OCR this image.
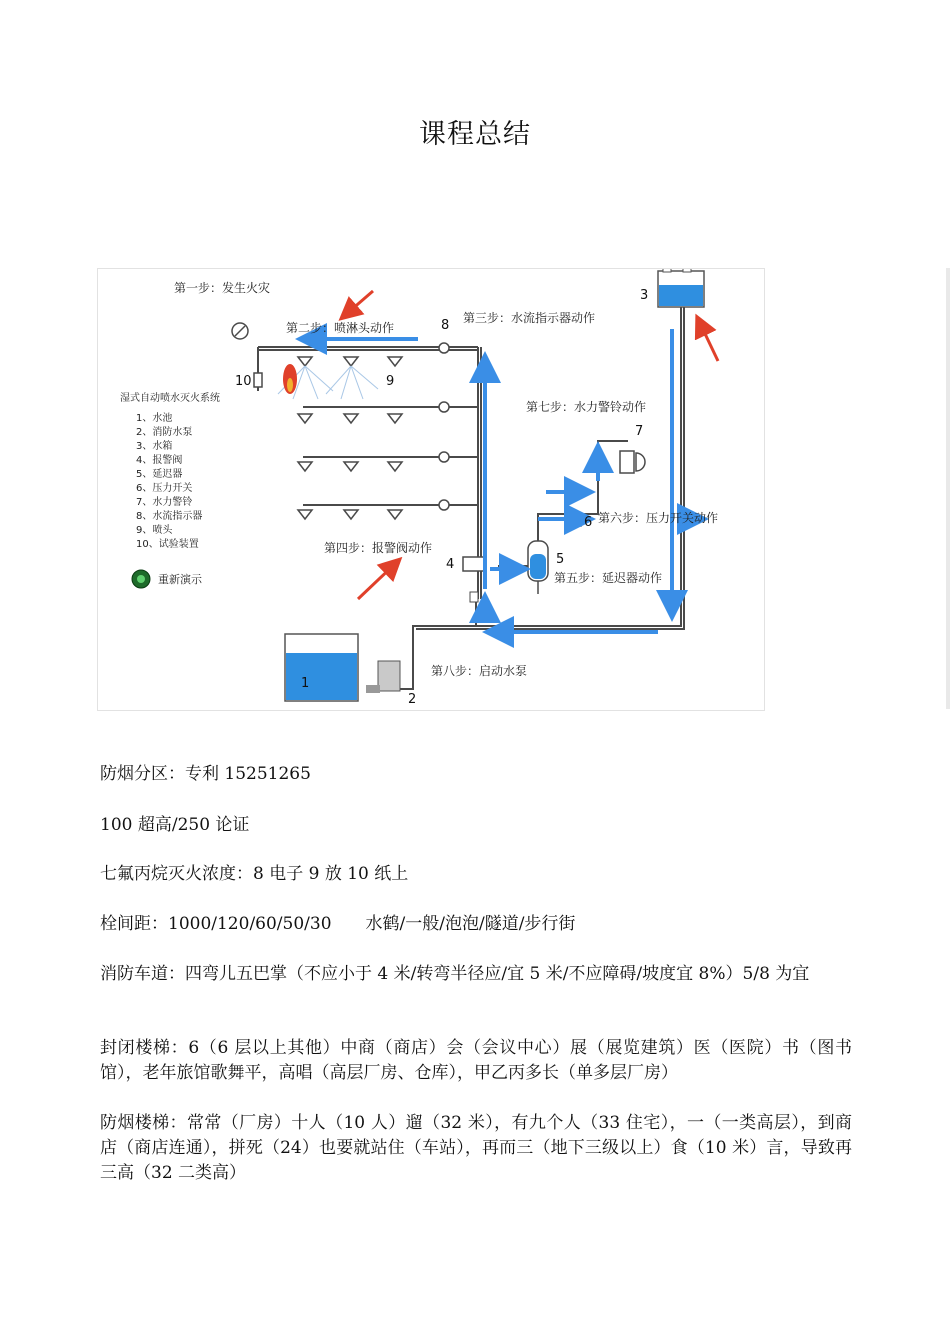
课程总结
第一步：发生火灾
第二步：喷淋头动作
第三步：水流指示器动作
第四步：报警阀动作
第五步：延迟器动作
第六步：压力开关动作
第七步：水力警铃动作
第八步：启动水泵
湿式自动喷水灭火系统
1、水池
2、消防水泵
3、水箱
4、报警阀
5、延迟器
6、压力开关
7、水力警铃
8、水流指示器
9、喷头
10、试验装置
重新演示
1
2
3
4	5
6
7
8
9
10
防烟分区：专利 15251265
100 超高/250 论证
七氟丙烷灭火浓度：8 电子 9 放 10 纸上
栓间距：1000/120/60/50/30　　水鹤/一般/泡泡/隧道/步行街
消防车道：四弯儿五巴掌（不应小于 4 米/转弯半径应/宜 5 米/不应障碍/坡度宜 8%）5/8 为宜
封闭楼梯：6（6 层以上其他）中商（商店）会（会议中心）展（展览建筑）医（医院）书（图书馆），老年旅馆歌舞平，高唱（高层厂房、仓库），甲乙丙多长（单多层厂房）
防烟楼梯：常常（厂房）十人（10 人）遛（32 米），有九个人（33 住宅），一（一类高层），到商店（商店连通），拼死（24）也要就站住（车站），再而三（地下三级以上）食（10 米）言，导致再三高（32 二类高）
